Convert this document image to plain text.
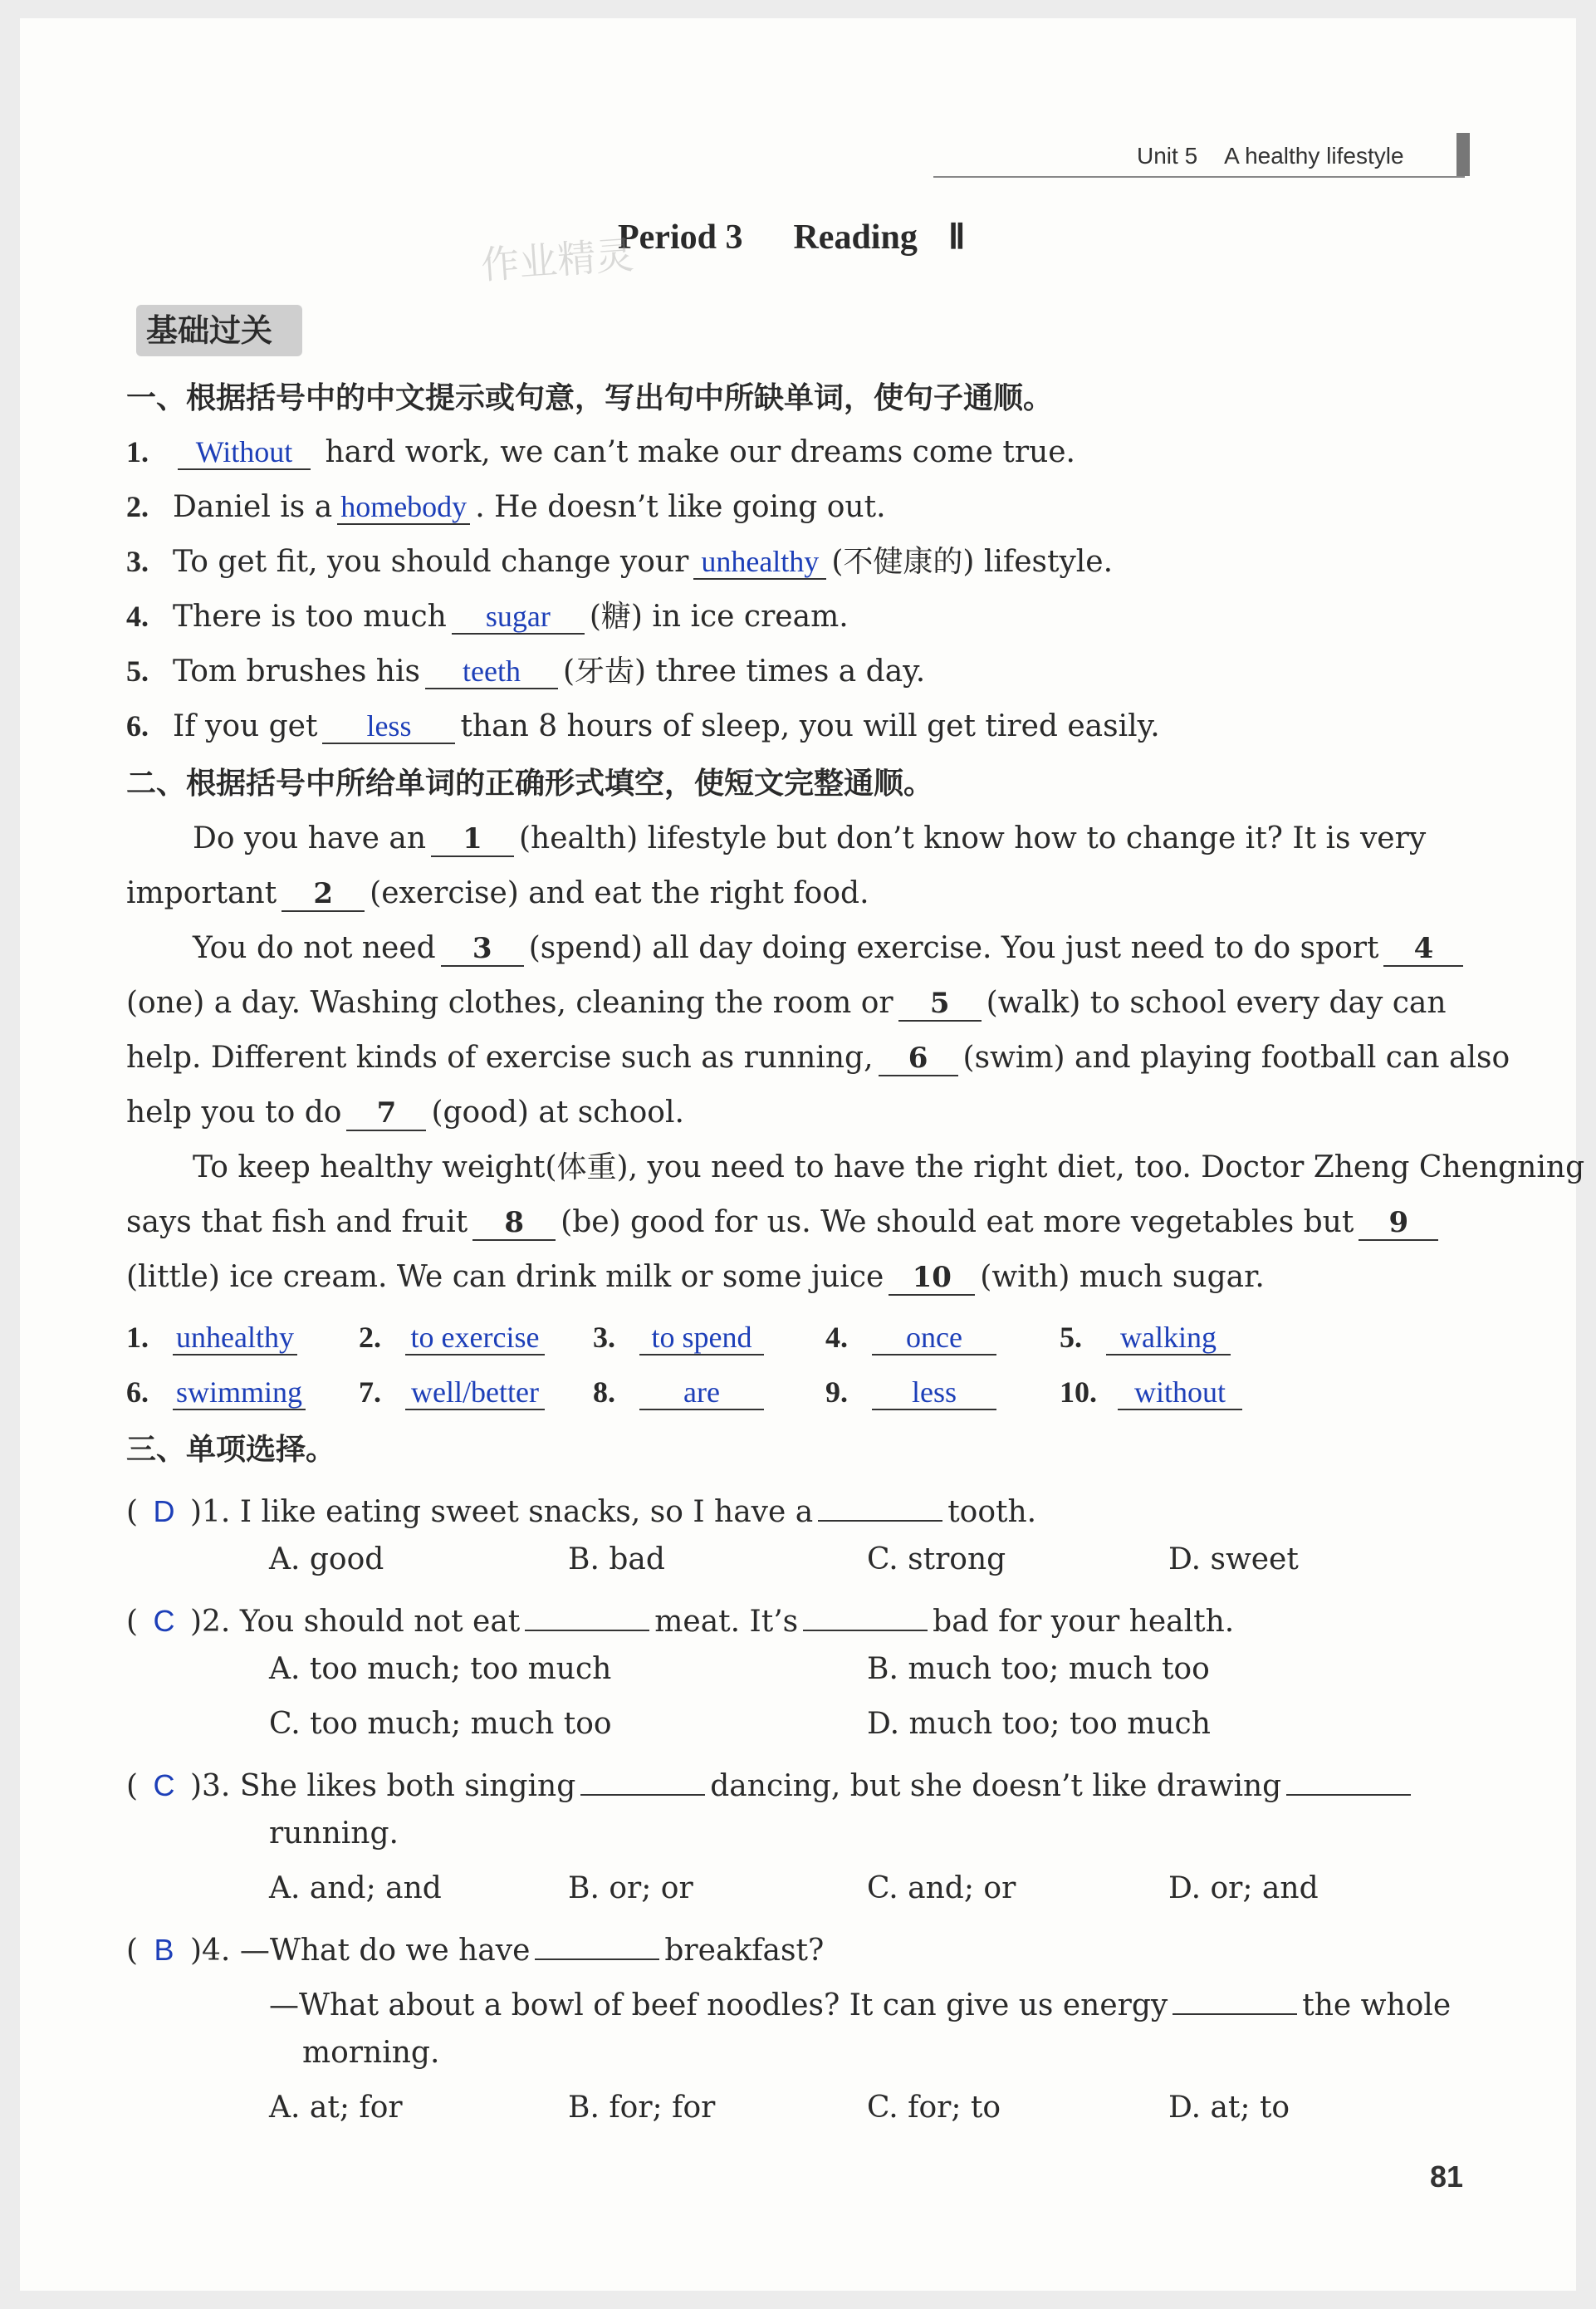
Unit 5 A healthy lifestyle
Period 3 Reading Ⅱ
作业精灵
基础过关
一、根据括号中的中文提示或句意，写出句中所缺单词，使句子通顺。
1. Without hard work, we can’t make our dreams come true.
2. Daniel is a homebody . He doesn’t like going out.
3. To get fit, you should change your unhealthy (不健康的) lifestyle.
4. There is too much sugar (糖) in ice cream.
5. Tom brushes his teeth (牙齿) three times a day.
6. If you get less than 8 hours of sleep, you will get tired easily.
二、根据括号中所给单词的正确形式填空，使短文完整通顺。
Do you have an 1 (health) lifestyle but don’t know how to change it? It is very
important 2 (exercise) and eat the right food.
You do not need 3 (spend) all day doing exercise. You just need to do sport 4
(one) a day. Washing clothes, cleaning the room or 5 (walk) to school every day can
help. Different kinds of exercise such as running, 6 (swim) and playing football can also
help you to do 7 (good) at school.
To keep healthy weight(体重), you need to have the right diet, too. Doctor Zheng Chengning
says that fish and fruit 8 (be) good for us. We should eat more vegetables but 9
(little) ice cream. We can drink milk or some juice 10 (with) much sugar.
1. unhealthy 2. to exercise 3. to spend	4. once	5. walking
6. swimming 7. well/better 8. are	9. less	10. without
三、单项选择。
( D )1. I like eating sweet snacks, so I have a	tooth.
A. good	B. bad	C. strong	D. sweet
( C )2. You should not eat	meat. It’s	bad for your health.
A. too much; too much	B. much too; much too
C. too much; much too	D. much too; too much
( C )3. She likes both singing	dancing, but she doesn’t like drawing
running.
A. and; and	B. or; or	C. and; or	D. or; and
( B )4. —What do we have	breakfast?
—What about a bowl of beef noodles? It can give us energy	the whole
morning.
A. at; for	B. for; for	C. for; to	D. at; to
81
